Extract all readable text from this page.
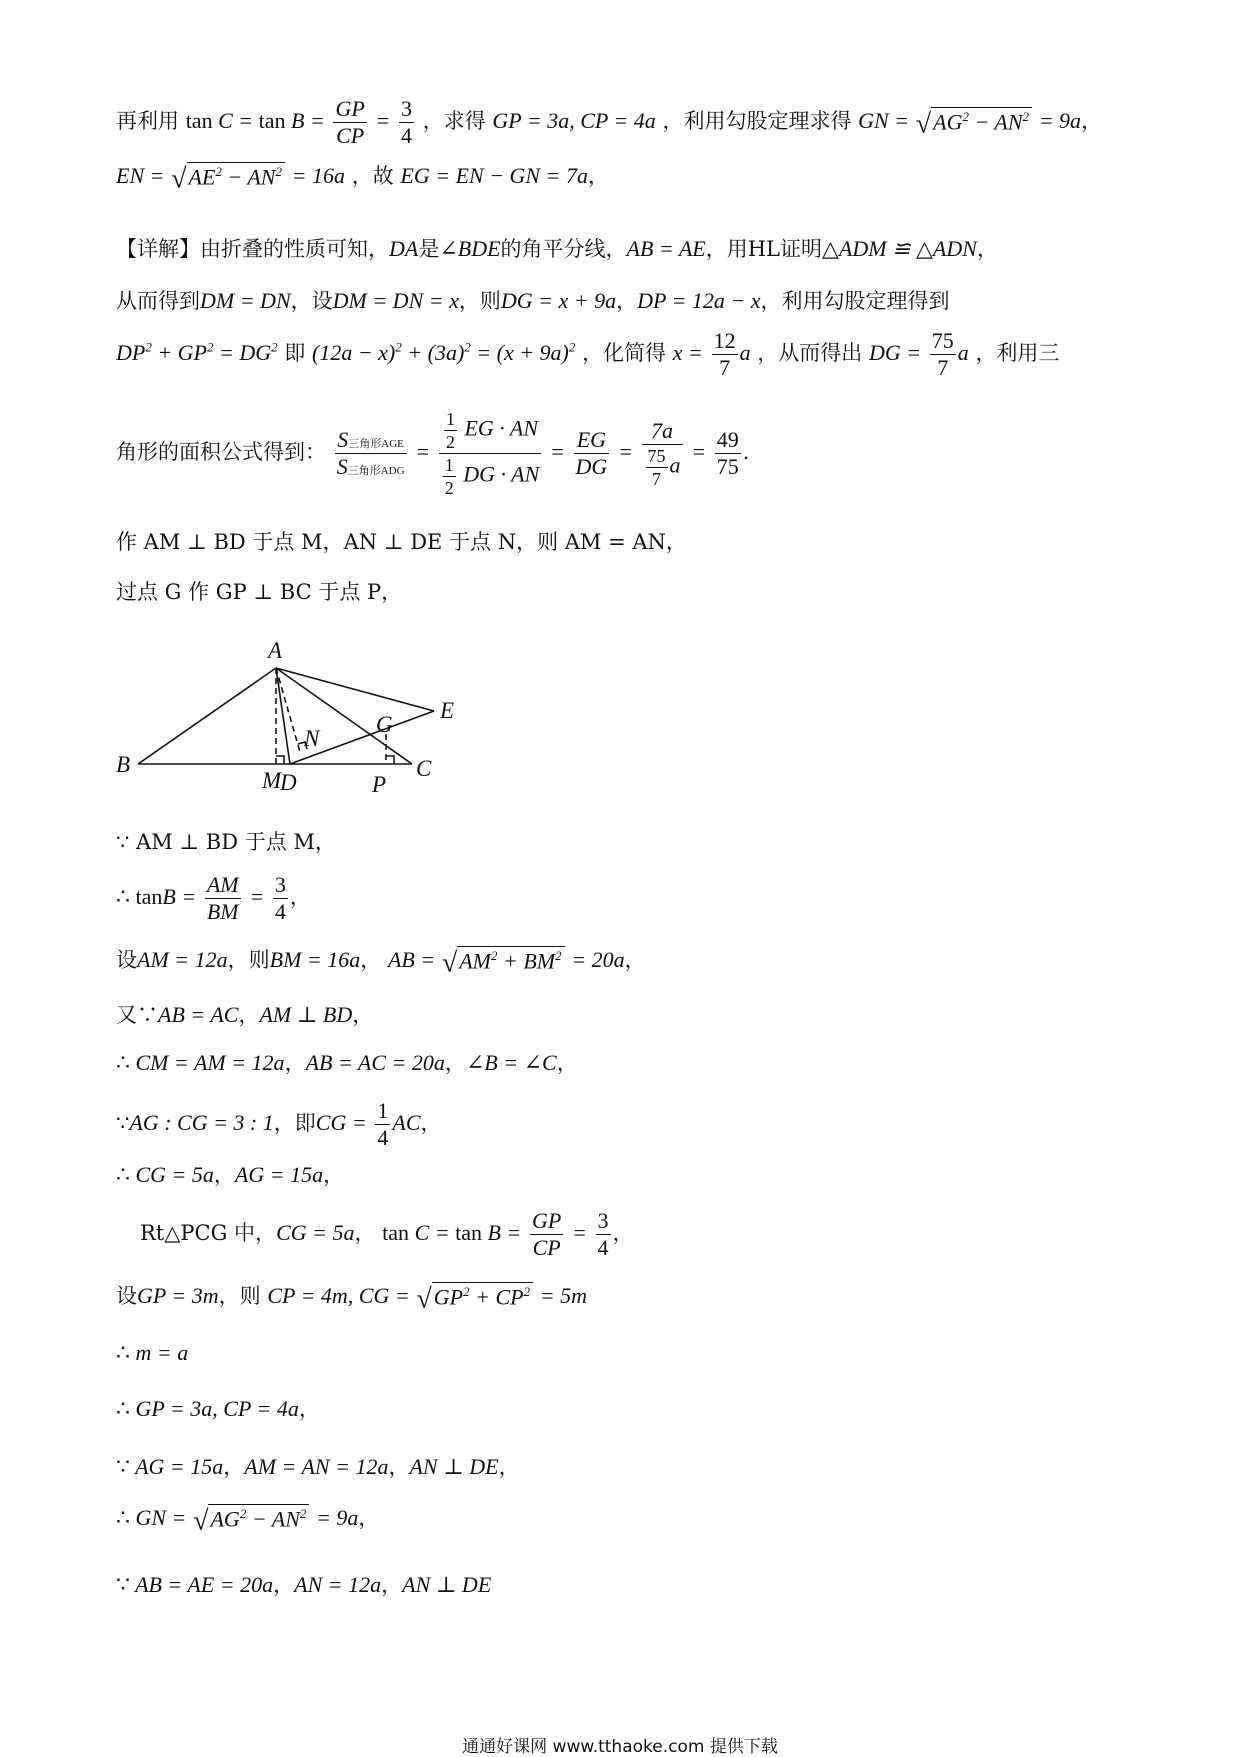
再利用 $\tan C = \tan B = \frac{GP}{CP} = \frac{3}{4}$ ，求得 GP = 3a, CP = 4a ，利用勾股定理求得 GN = $√AG^2 - AN^2 = 9a$，
EN = $√AE^2 - AN^2 = 16a$ ，故 EG = EN − GN = 7a，
【详解】由折叠的性质可知，DA是∠BDE的角平分线，AB = AE，用HL证明△ADM ≌ △ADN，
从而得到DM = DN，设DM = DN = x，则DG = x + 9a，DP = 12a − x，利用勾股定理得到
$DP^2 + GP^2 = DG^2$ 即 $(12a - x)^2 + (3a)^2 = (x + 9a)^2$ ，化简得 $x = \frac{12}{7}$ a ，从而得出 DG = $\frac{75}{7}$ a ，利用三
角形的面积公式得到： $\frac{\text{S三角形AGE}}{\text{S三角形ADG}} = \frac{\frac{1}{2} EG \cdot AN}{\frac{1}{2} DG \cdot AN} = \frac{EG}{DG} = \frac{7a}{\frac{75}{7} a} = \frac{49}{75}$ .
作 AM ⊥ BD 于点 M，AN ⊥ DE 于点 N，则 AM = AN，
过点 G 作 GP ⊥ BC 于点 P，
A
B
M
D
N
G
P
C
E
∵ AM ⊥ BD 于点 M，
∴ $\tan B = \frac{AM}{BM} = \frac{3}{4}$ ，
设AM = 12a，则BM = 16a， AB = $√AM^2 + BM^2 = 20a$，
又∵AB = AC，AM ⊥ BD，
∴ CM = AM = 12a，AB = AC = 20a，∠B = ∠C，
∵AG : CG = 3 : 1，即CG = $\frac{1}{4}$ AC，
∴ CG = 5a，AG = 15a，
Rt△PCG 中，CG = 5a， $\tan C = \tan B = \frac{GP}{CP} = \frac{3}{4}$ ，
设GP = 3m，则 CP = 4m, CG = $√GP^2 + CP^2 = 5m$
∴ m = a
∴ GP = 3a, CP = 4a，
∵ AG = 15a，AM = AN = 12a，AN ⊥ DE，
∴ GN = $√AG^2 - AN^2 = 9a$，
∵ AB = AE = 20a，AN = 12a，AN ⊥ DE
通通好课网 www.tthaoke.com 提供下载
